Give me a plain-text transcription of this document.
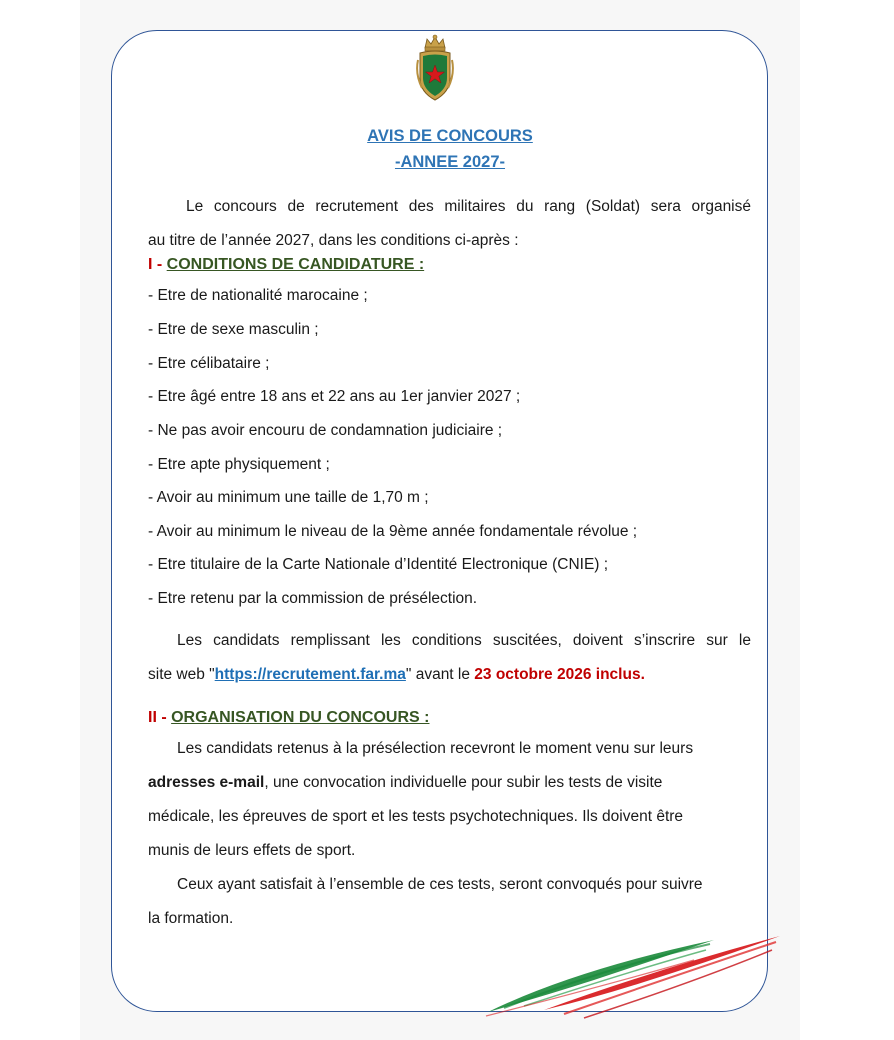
AVIS DE CONCOURS
-ANNEE 2027-
Le concours de recrutement des militaires du rang (Soldat) sera organisé
au titre de l’année 2027, dans les conditions ci-après :
I - CONDITIONS DE CANDIDATURE :
- Etre de nationalité marocaine ;
- Etre de sexe masculin ;
- Etre célibataire ;
- Etre âgé entre 18 ans et 22 ans au 1er janvier 2027 ;
- Ne pas avoir encouru de condamnation judiciaire ;
- Etre apte physiquement ;
- Avoir au minimum une taille de 1,70 m ;
- Avoir au minimum le niveau de la 9ème année fondamentale révolue ;
- Etre titulaire de la Carte Nationale d’Identité Electronique (CNIE) ;
- Etre retenu par la commission de présélection.
Les candidats remplissant les conditions suscitées, doivent s’inscrire sur le
site web "https://recrutement.far.ma" avant le 23 octobre 2026 inclus.
II - ORGANISATION DU CONCOURS :
Les candidats retenus à la présélection recevront le moment venu sur leurs
adresses e-mail, une convocation individuelle pour subir les tests de visite
médicale, les épreuves de sport et les tests psychotechniques. Ils doivent être
munis de leurs effets de sport.
Ceux ayant satisfait à l’ensemble de ces tests, seront convoqués pour suivre
la formation.
